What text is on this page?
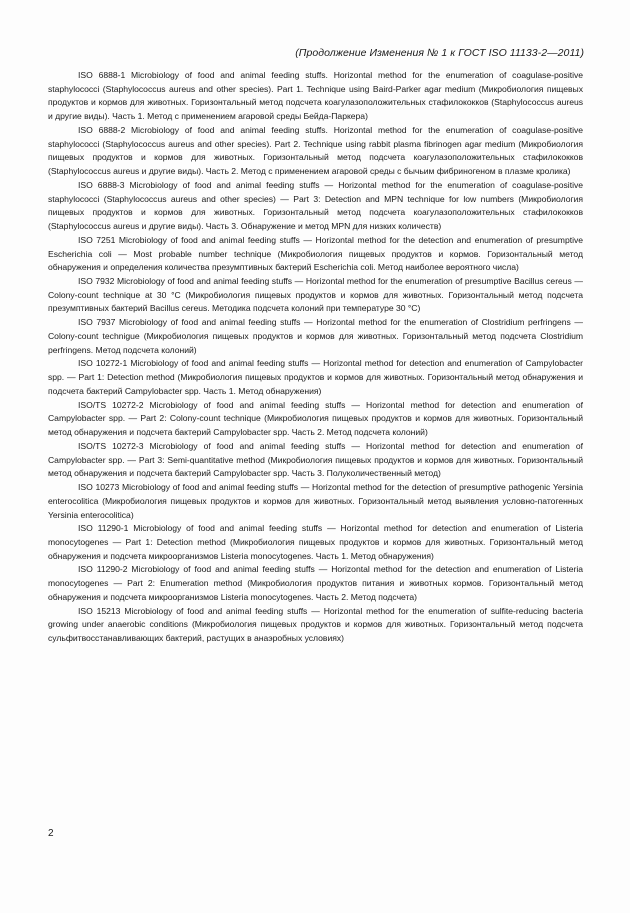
(Продолжение Изменения № 1 к ГОСТ ISO 11133-2—2011)

ISO 6888-1 Microbiology of food and animal feeding stuffs. Horizontal method for the enumeration of coagulase-positive staphylococci (Staphylococcus aureus and other species). Part 1. Technique using Baird-Parker agar medium (Микробиология пищевых продуктов и кормов для животных. Горизонтальный метод подсчета коагулазоположительных стафилококков (Staphylococcus aureus и другие виды). Часть 1. Метод с применением агаровой среды Бейда-Паркера)

ISO 6888-2 Microbiology of food and animal feeding stuffs. Horizontal method for the enumeration of coagulase-positive staphylococci (Staphylococcus aureus and other species). Part 2. Technique using rabbit plasma fibrinogen agar medium (Микробиология пищевых продуктов и кормов для животных. Горизонтальный метод подсчета коагулазоположительных стафилококков (Staphylococcus aureus и другие виды). Часть 2. Метод с применением агаровой среды с бычьим фибриногеном в плазме кролика)

ISO 6888-3 Microbiology of food and animal feeding stuffs — Horizontal method for the enumeration of coagulase-positive staphylococci (Staphylococcus aureus and other species) — Part 3: Detection and MPN technique for low numbers (Микробиология пищевых продуктов и кормов для животных. Горизонтальный метод подсчета коагулазоположительных стафилококков (Staphylococcus aureus и другие виды). Часть 3. Обнаружение и метод MPN для низких количеств)

ISO 7251 Microbiology of food and animal feeding stuffs — Horizontal method for the detection and enumeration of presumptive Escherichia coli — Most probable number technique (Микробиология пищевых продуктов и кормов. Горизонтальный метод обнаружения и определения количества презумптивных бактерий Escherichia coli. Метод наиболее вероятного числа)

ISO 7932 Microbiology of food and animal feeding stuffs — Horizontal method for the enumeration of presumptive Bacillus cereus — Colony-count technique at 30 °C (Микробиология пищевых продуктов и кормов для животных. Горизонтальный метод подсчета презумптивных бактерий Bacillus cereus. Методика подсчета колоний при температуре 30 °C)

ISO 7937 Microbiology of food and animal feeding stuffs — Horizontal method for the enumeration of Clostridium perfringens — Colony-count technigue (Микробиология пищевых продуктов и кормов для животных. Горизонтальный метод подсчета Clostridium perfringens. Метод подсчета колоний)

ISO 10272-1 Microbiology of food and animal feeding stuffs — Horizontal method for detection and enumeration of Campylobacter spp. — Part 1: Detection method (Микробиология пищевых продуктов и кормов для животных. Горизонтальный метод обнаружения и подсчета бактерий Campylobacter spp. Часть 1. Метод обнаружения)

ISO/TS 10272-2 Microbiology of food and animal feeding stuffs — Horizontal method for detection and enumeration of Campylobacter spp. — Part 2: Colony-count technique (Микробиология пищевых продуктов и кормов для животных. Горизонтальный метод обнаружения и подсчета бактерий Campylobacter spp. Часть 2. Метод подсчета колоний)

ISO/TS 10272-3 Microbiology of food and animal feeding stuffs — Horizontal method for detection and enumeration of Campylobacter spp. — Part 3: Semi-quantitative method (Микробиология пищевых продуктов и кормов для животных. Горизонтальный метод обнаружения и подсчета бактерий Campylobacter spp. Часть 3. Полуколичественный метод)

ISO 10273 Microbiology of food and animal feeding stuffs — Horizontal method for the detection of presumptive pathogenic Yersinia enterocolitica (Микробиология пищевых продуктов и кормов для животных. Горизонтальный метод выявления условно-патогенных Yersinia enterocolitica)

ISO 11290-1 Microbiology of food and animal feeding stuffs — Horizontal method for detection and enumeration of Listeria monocytogenes — Part 1: Detection method (Микробиология пищевых продуктов и кормов для животных. Горизонтальный метод обнаружения и подсчета микроорганизмов Listeria monocytogenes. Часть 1. Метод обнаружения)

ISO 11290-2 Microbiology of food and animal feeding stuffs — Horizontal method for the detection and enumeration of Listeria monocytogenes — Part 2: Enumeration method (Микробиология продуктов питания и животных кормов. Горизонтальный метод обнаружения и подсчета микроорганизмов Listeria monocytogenes. Часть 2. Метод подсчета)

ISO 15213 Microbiology of food and animal feeding stuffs — Horizontal method for the enumeration of sulfite-reducing bacteria growing under anaerobic conditions (Микробиология пищевых продуктов и кормов для животных. Горизонтальный метод подсчета сульфитвосстанавливающих бактерий, растущих в анаэробных условиях)

2
